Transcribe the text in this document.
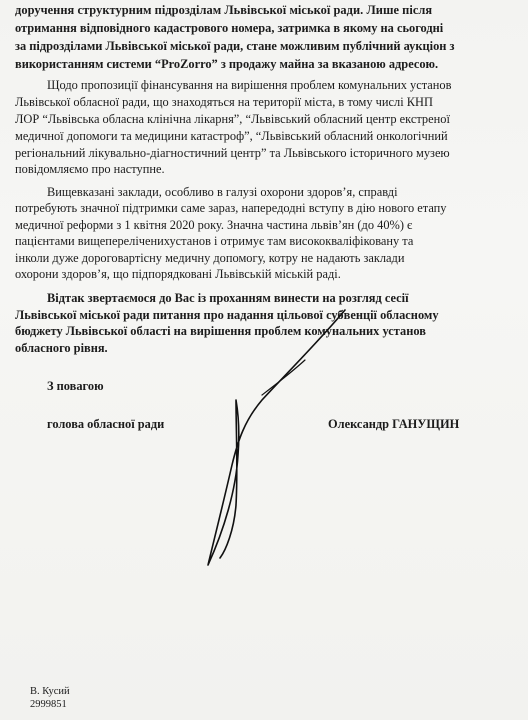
доручення структурним підрозділам Львівської міської ради. Лише після
отримання відповідного кадастрового номера, затримка в якому на сьогодні
за підрозділами Львівської міської ради, стане можливим публічний аукціон з
використанням системи “ProZorro” з продажу майна за вказаною адресою.
Щодо пропозиції фінансування на вирішення проблем комунальних установ
Львівської обласної ради, що знаходяться на території міста, в тому числі КНП
ЛОР “Львівська обласна клінічна лікарня”, “Львівський обласний центр екстреної
медичної допомоги та медицини катастроф”, “Львівський обласний онкологічний
регіональний лікувально-діагностичний центр” та Львівського історичного музею
повідомляємо про наступне.
Вищевказані заклади, особливо в галузі охорони здоров’я, справді
потребують значної підтримки саме зараз, напередодні вступу в дію нового етапу
медичної реформи з 1 квітня 2020 року. Значна частина львів’ян (до 40%) є
пацієнтами вищепереліченихустанов і отримує там висококваліфіковану та
інколи дуже дороговартісну медичну допомогу, котру не надають заклади
охорони здоров’я, що підпорядковані Львівській міській раді.
Відтак звертаємося до Вас із проханням винести на розгляд сесії
Львівської міської ради питання про надання цільової субвенції обласному
бюджету Львівської області на вирішення проблем комунальних установ
обласного рівня.
З повагою
голова обласної ради	Олександр ГАНУЩИН
В. Кусий
2999851
